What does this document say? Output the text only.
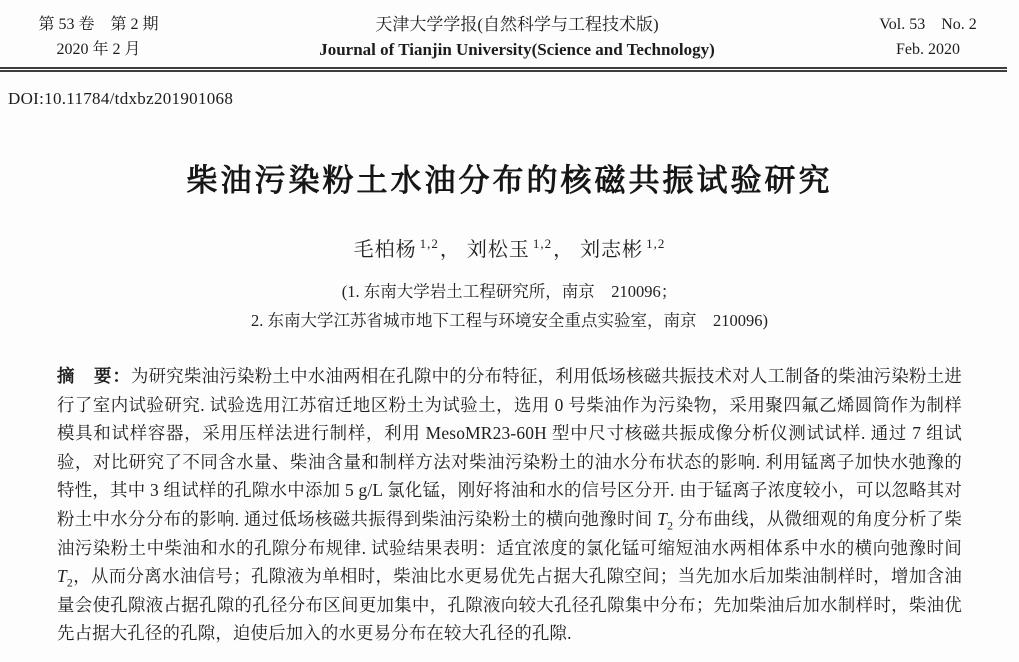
第 53 卷　第 2 期
2020 年 2 月
天津大学学报(自然科学与工程技术版)
Journal of Tianjin University(Science and Technology)
Vol. 53　No. 2
Feb. 2020
DOI:10.11784/tdxbz201901068
柴油污染粉土水油分布的核磁共振试验研究
毛柏杨 $^{1,2}$， 刘松玉 $^{1,2}$， 刘志彬 $^{1,2}$
(1. 东南大学岩土工程研究所，南京　210096；
2. 东南大学江苏省城市地下工程与环境安全重点实验室，南京　210096)

摘　要：为研究柴油污染粉土中水油两相在孔隙中的分布特征，利用低场核磁共振技术对人工制备的柴油污染粉土进行了室内试验研究. 试验选用江苏宿迁地区粉土为试验土，选用 0 号柴油作为污染物，采用聚四氟乙烯圆筒作为制样模具和试样容器，采用压样法进行制样，利用 MesoMR23-60H 型中尺寸核磁共振成像分析仪测试试样. 通过 7 组试验，对比研究了不同含水量、柴油含量和制样方法对柴油污染粉土的油水分布状态的影响. 利用锰离子加快水弛豫的特性，其中 3 组试样的孔隙水中添加 5 g/L 氯化锰，刚好将油和水的信号区分开. 由于锰离子浓度较小，可以忽略其对粉土中水分分布的影响. 通过低场核磁共振得到柴油污染粉土的横向弛豫时间 $T_2$ 分布曲线，从微细观的角度分析了柴油污染粉土中柴油和水的孔隙分布规律. 试验结果表明：适宜浓度的氯化锰可缩短油水两相体系中水的横向弛豫时间 $T_2$，从而分离水油信号；孔隙液为单相时，柴油比水更易优先占据大孔隙空间；当先加水后加柴油制样时，增加含油量会使孔隙液占据孔隙的孔径分布区间更加集中，孔隙液向较大孔径孔隙集中分布；先加柴油后加水制样时，柴油优先占据大孔径的孔隙，迫使后加入的水更易分布在较大孔径的孔隙.
